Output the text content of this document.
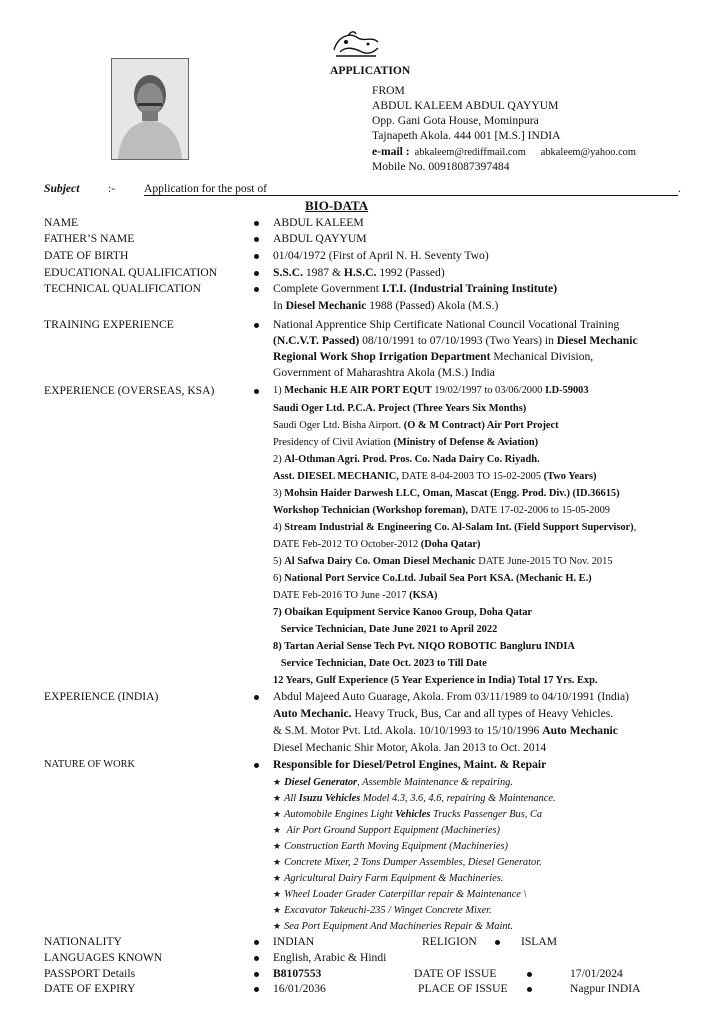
APPLICATION
FROM
ABDUL KALEEM ABDUL QAYYUM
Opp. Gani Gota House, Mominpura
Tajnapeth Akola. 444 001 [M.S.] INDIA
e-mail : abkaleem@rediffmail.com abkaleem@yahoo.com
Mobile No. 00918087397484
Subject :- Application for the post of	.
BIO-DATA
NAME	ABDUL KALEEM
FATHER’S NAME	ABDUL QAYYUM
DATE OF BIRTH	01/04/1972 (First of April N. H. Seventy Two)
EDUCATIONAL QUALIFICATION	S.S.C. 1987 & H.S.C. 1992 (Passed)
TECHNICAL QUALIFICATION	Complete Government I.T.I. (Industrial Training Institute)
In Diesel Mechanic 1988 (Passed) Akola (M.S.)
TRAINING EXPERIENCE	National Apprentice Ship Certificate National Council Vocational Training
(N.C.V.T. Passed) 08/10/1991 to 07/10/1993 (Two Years) in Diesel Mechanic
Regional Work Shop Irrigation Department Mechanical Division,
Government of Maharashtra Akola (M.S.) India
EXPERIENCE (OVERSEAS, KSA)	1) Mechanic H.E AIR PORT EQUT 19/02/1997 to 03/06/2000 I.D-59003
Saudi Oger Ltd. P.C.A. Project (Three Years Six Months)
Saudi Oger Ltd. Bisha Airport. (O & M Contract) Air Port Project
Presidency of Civil Aviation (Ministry of Defense & Aviation)
2) Al-Othman Agri. Prod. Pros. Co. Nada Dairy Co. Riyadh.
Asst. DIESEL MECHANIC, DATE 8-04-2003 TO 15-02-2005 (Two Years)
3) Mohsin Haider Darwesh LLC, Oman, Mascat (Engg. Prod. Div.) (ID.36615)
Workshop Technician (Workshop foreman), DATE 17-02-2006 to 15-05-2009
4) Stream Industrial & Engineering Co. Al-Salam Int. (Field Support Supervisor),
DATE Feb-2012 TO October-2012 (Doha Qatar)
5) Al Safwa Dairy Co. Oman Diesel Mechanic DATE June-2015 TO Nov. 2015
6) National Port Service Co.Ltd. Jubail Sea Port KSA. (Mechanic H. E.)
DATE Feb-2016 TO June -2017 (KSA)
7) Obaikan Equipment Service Kanoo Group, Doha Qatar
Service Technician, Date June 2021 to April 2022
8) Tartan Aerial Sense Tech Pvt. NIQO ROBOTIC Bangluru INDIA
Service Technician, Date Oct. 2023 to Till Date
12 Years, Gulf Experience (5 Year Experience in India) Total 17 Yrs. Exp.
EXPERIENCE (INDIA)	Abdul Majeed Auto Guarage, Akola. From 03/11/1989 to 04/10/1991 (India)
Auto Mechanic. Heavy Truck, Bus, Car and all types of Heavy Vehicles.
& S.M. Motor Pvt. Ltd. Akola. 10/10/1993 to 15/10/1996 Auto Mechanic
Diesel Mechanic Shir Motor, Akola. Jan 2013 to Oct. 2014
NATURE OF WORK	Responsible for Diesel/Petrol Engines, Maint. & Repair
★ Diesel Generator, Assemble Maintenance & repairing.
★ All Isuzu Vehicles Model 4.3, 3.6, 4.6, repairing & Maintenance.
★ Automobile Engines Light Vehicles Trucks Passenger Bus, Ca
★ Air Port Ground Support Equipment (Machineries)
★ Construction Earth Moving Equipment (Machineries)
★ Concrete Mixer, 2 Tons Dumper Assembles, Diesel Generator.
★ Agricultural Dairy Farm Equipment & Machineries.
★ Wheel Loader Grader Caterpillar repair & Maintenance \
★ Excavator Takeuchi-235 / Winget Concrete Mixer.
★ Sea Port Equipment And Machineries Repair & Maint.
NATIONALITY	INDIAN	RELIGION	ISLAM
LANGUAGES KNOWN	English, Arabic & Hindi
PASSPORT Details	B8107553	DATE OF ISSUE	17/01/2024
DATE OF EXPIRY	16/01/2036	PLACE OF ISSUE	Nagpur INDIA
